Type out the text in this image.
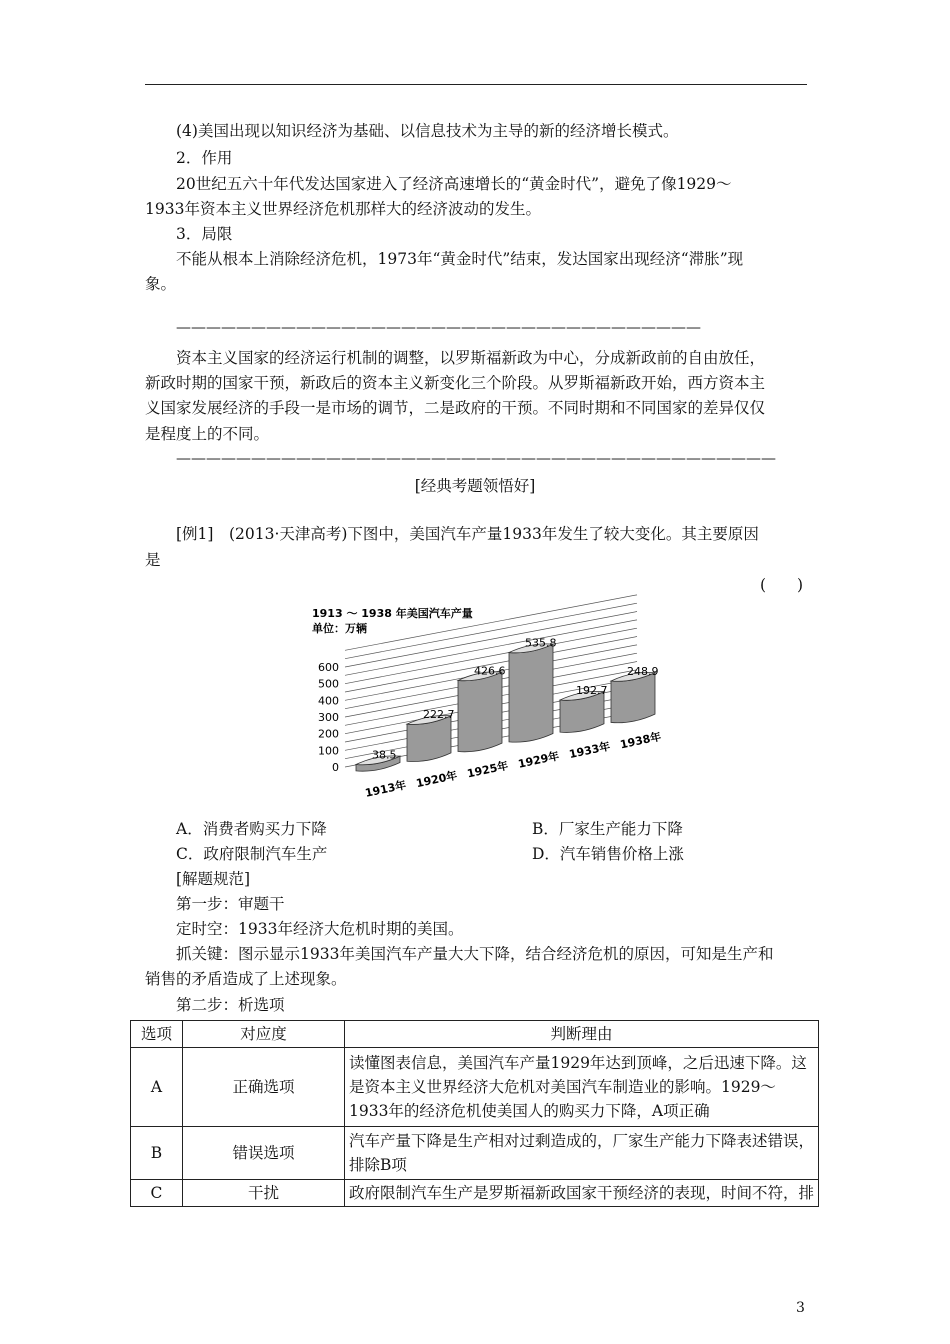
(4)美国出现以知识经济为基础、以信息技术为主导的新的经济增长模式。
2．作用
20世纪五六十年代发达国家进入了经济高速增长的“黄金时代”，避免了像1929～
1933年资本主义世界经济危机那样大的经济波动的发生。
3．局限
不能从根本上消除经济危机，1973年“黄金时代”结束，发达国家出现经济“滞胀”现
象。
———————————————————————————————————
资本主义国家的经济运行机制的调整，以罗斯福新政为中心，分成新政前的自由放任，
新政时期的国家干预，新政后的资本主义新变化三个阶段。从罗斯福新政开始，西方资本主
义国家发展经济的手段一是市场的调节，二是政府的干预。不同时期和不同国家的差异仅仅
是程度上的不同。
————————————————————————————————————————
[经典考题领悟好]
[例1]　(2013·天津高考)下图中，美国汽车产量1933年发生了较大变化。其主要原因
是
(　　)
1913 ～ 1938 年美国汽车产量
单位：万辆
0
100
200
300
400
500
600
38.5
222.7
426.6
535.8
192.7
248.9
1913年 1920年 1925年 1929年 1933年 1938年
A．消费者购买力下降	B．厂家生产能力下降
C．政府限制汽车生产	D．汽车销售价格上涨
[解题规范]
第一步：审题干
定时空：1933年经济大危机时期的美国。
抓关键：图示显示1933年美国汽车产量大大下降，结合经济危机的原因，可知是生产和
销售的矛盾造成了上述现象。
第二步：析选项
选项	对应度	判断理由
A	正确选项	读懂图表信息，美国汽车产量1929年达到顶峰，之后迅速下降。这是资本主义世界经济大危机对美国汽车制造业的影响。1929～1933年的经济危机使美国人的购买力下降，A项正确
B	错误选项	汽车产量下降是生产相对过剩造成的，厂家生产能力下降表述错误，排除B项
C	干扰	政府限制汽车生产是罗斯福新政国家干预经济的表现，时间不符，排
3
